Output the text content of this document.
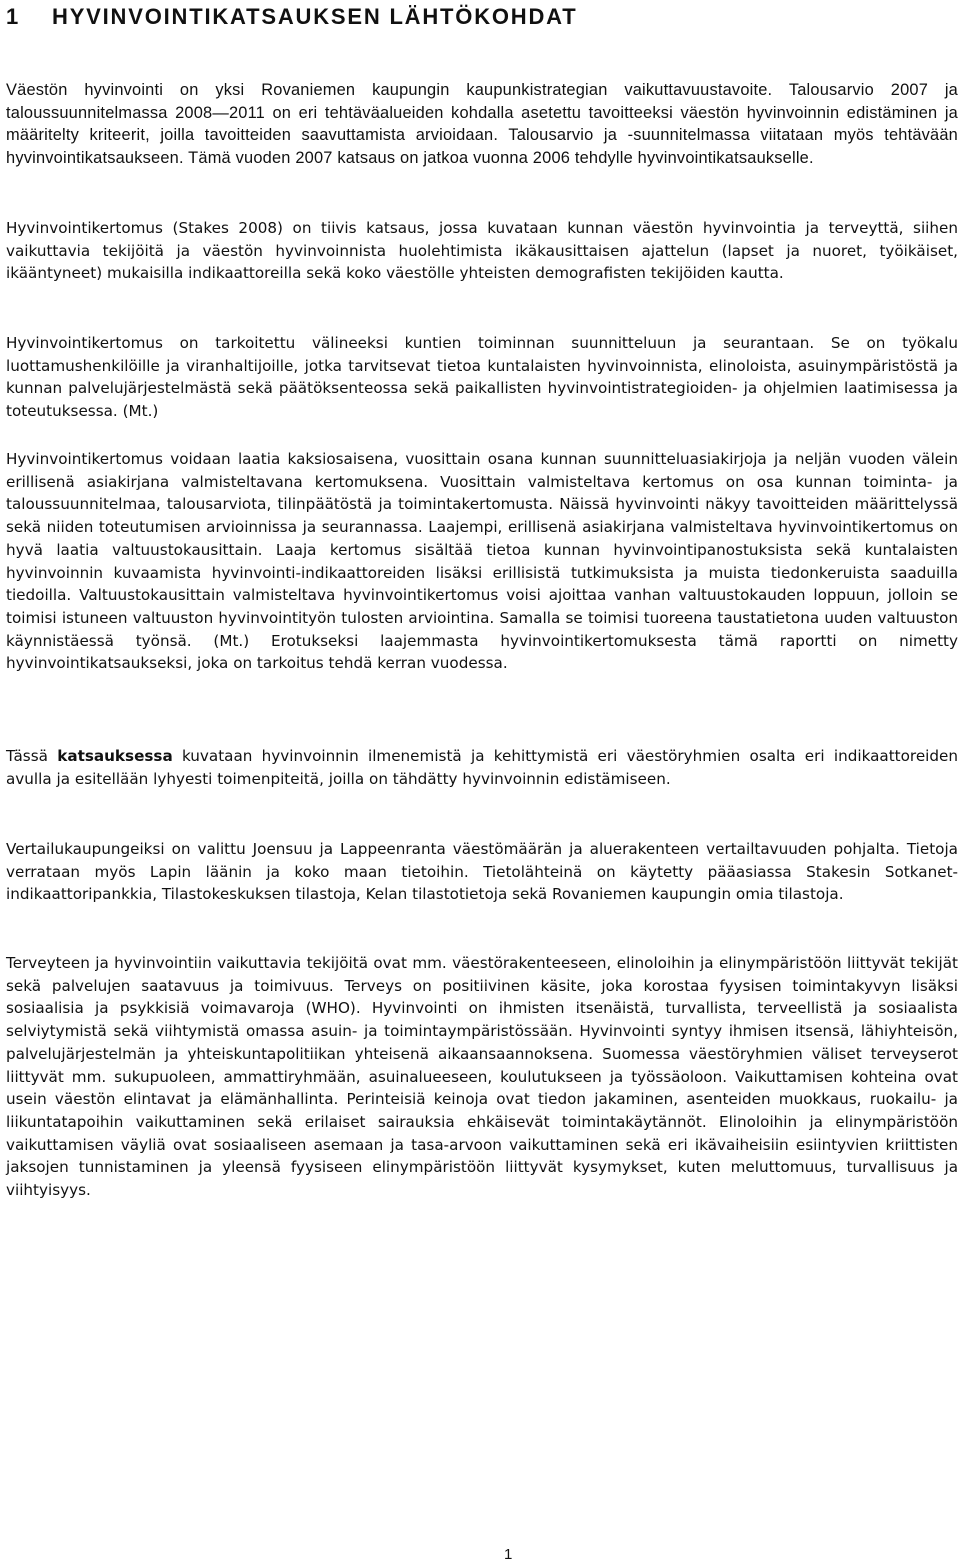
1 HYVINVOINTIKATSAUKSEN LÄHTÖKOHDAT

Väestön hyvinvointi on yksi Rovaniemen kaupungin kaupunkistrategian vaikuttavuustavoite. Talousarvio 2007 ja taloussuunnitelmassa 2008—2011 on eri tehtäväalueiden kohdalla asetettu tavoitteeksi väestön hyvinvoinnin edistäminen ja määritelty kriteerit, joilla tavoitteiden saavuttamista arvioidaan. Talousarvio ja -suunnitelmassa viitataan myös tehtävään hyvinvointikatsaukseen. Tämä vuoden 2007 katsaus on jatkoa vuonna 2006 tehdylle hyvinvointikatsaukselle.

Hyvinvointikertomus (Stakes 2008) on tiivis katsaus, jossa kuvataan kunnan väestön hyvinvointia ja terveyttä, siihen vaikuttavia tekijöitä ja väestön hyvinvoinnista huolehtimista ikäkausittaisen ajattelun (lapset ja nuoret, työikäiset, ikääntyneet) mukaisilla indikaattoreilla sekä koko väestölle yhteisten demografisten tekijöiden kautta.

Hyvinvointikertomus on tarkoitettu välineeksi kuntien toiminnan suunnitteluun ja seurantaan. Se on työkalu luottamushenkilöille ja viranhaltijoille, jotka tarvitsevat tietoa kuntalaisten hyvinvoinnista, elinoloista, asuinympäristöstä ja kunnan palvelujärjestelmästä sekä päätöksenteossa sekä paikallisten hyvinvointistrategioiden- ja ohjelmien laatimisessa ja toteutuksessa. (Mt.)

Hyvinvointikertomus voidaan laatia kaksiosaisena, vuosittain osana kunnan suunnitteluasiakirjoja ja neljän vuoden välein erillisenä asiakirjana valmisteltavana kertomuksena. Vuosittain valmisteltava kertomus on osa kunnan toiminta- ja taloussuunnitelmaa, talousarviota, tilinpäätöstä ja toimintakertomusta. Näissä hyvinvointi näkyy tavoitteiden määrittelyssä sekä niiden toteutumisen arvioinnissa ja seurannassa. Laajempi, erillisenä asiakirjana valmisteltava hyvinvointikertomus on hyvä laatia valtuustokausittain. Laaja kertomus sisältää tietoa kunnan hyvinvointipanostuksista sekä kuntalaisten hyvinvoinnin kuvaamista hyvinvointi-indikaattoreiden lisäksi erillisistä tutkimuksista ja muista tiedonkeruista saaduilla tiedoilla. Valtuustokausittain valmisteltava hyvinvointikertomus voisi ajoittaa vanhan valtuustokauden loppuun, jolloin se toimisi istuneen valtuuston hyvinvointityön tulosten arviointina. Samalla se toimisi tuoreena taustatietona uuden valtuuston käynnistäessä työnsä. (Mt.) Erotukseksi laajemmasta hyvinvointikertomuksesta tämä raportti on nimetty hyvinvointikatsaukseksi, joka on tarkoitus tehdä kerran vuodessa.

Tässä katsauksessa kuvataan hyvinvoinnin ilmenemistä ja kehittymistä eri väestöryhmien osalta eri indikaattoreiden avulla ja esitellään lyhyesti toimenpiteitä, joilla on tähdätty hyvinvoinnin edistämiseen.

Vertailukaupungeiksi on valittu Joensuu ja Lappeenranta väestömäärän ja aluerakenteen vertailtavuuden pohjalta. Tietoja verrataan myös Lapin läänin ja koko maan tietoihin. Tietolähteinä on käytetty pääasiassa Stakesin Sotkanet-indikaattoripankkia, Tilastokeskuksen tilastoja, Kelan tilastotietoja sekä Rovaniemen kaupungin omia tilastoja.

Terveyteen ja hyvinvointiin vaikuttavia tekijöitä ovat mm. väestörakenteeseen, elinoloihin ja elinympäristöön liittyvät tekijät sekä palvelujen saatavuus ja toimivuus. Terveys on positiivinen käsite, joka korostaa fyysisen toimintakyvyn lisäksi sosiaalisia ja psykkisiä voimavaroja (WHO). Hyvinvointi on ihmisten itsenäistä, turvallista, terveellistä ja sosiaalista selviytymistä sekä viihtymistä omassa asuin- ja toimintaympäristössään. Hyvinvointi syntyy ihmisen itsensä, lähiyhteisön, palvelujärjestelmän ja yhteiskuntapolitiikan yhteisenä aikaansaannoksena. Suomessa väestöryhmien väliset terveyserot liittyvät mm. sukupuoleen, ammattiryhmään, asuinalueeseen, koulutukseen ja työssäoloon. Vaikuttamisen kohteina ovat usein väestön elintavat ja elämänhallinta. Perinteisiä keinoja ovat tiedon jakaminen, asenteiden muokkaus, ruokailu- ja liikuntatapoihin vaikuttaminen sekä erilaiset sairauksia ehkäisevät toimintakäytännöt. Elinoloihin ja elinympäristöön vaikuttamisen väyliä ovat sosiaaliseen asemaan ja tasa-arvoon vaikuttaminen sekä eri ikävaiheisiin esiintyvien kriittisten jaksojen tunnistaminen ja yleensä fyysiseen elinympäristöön liittyvät kysymykset, kuten meluttomuus, turvallisuus ja viihtyisyys.

1
